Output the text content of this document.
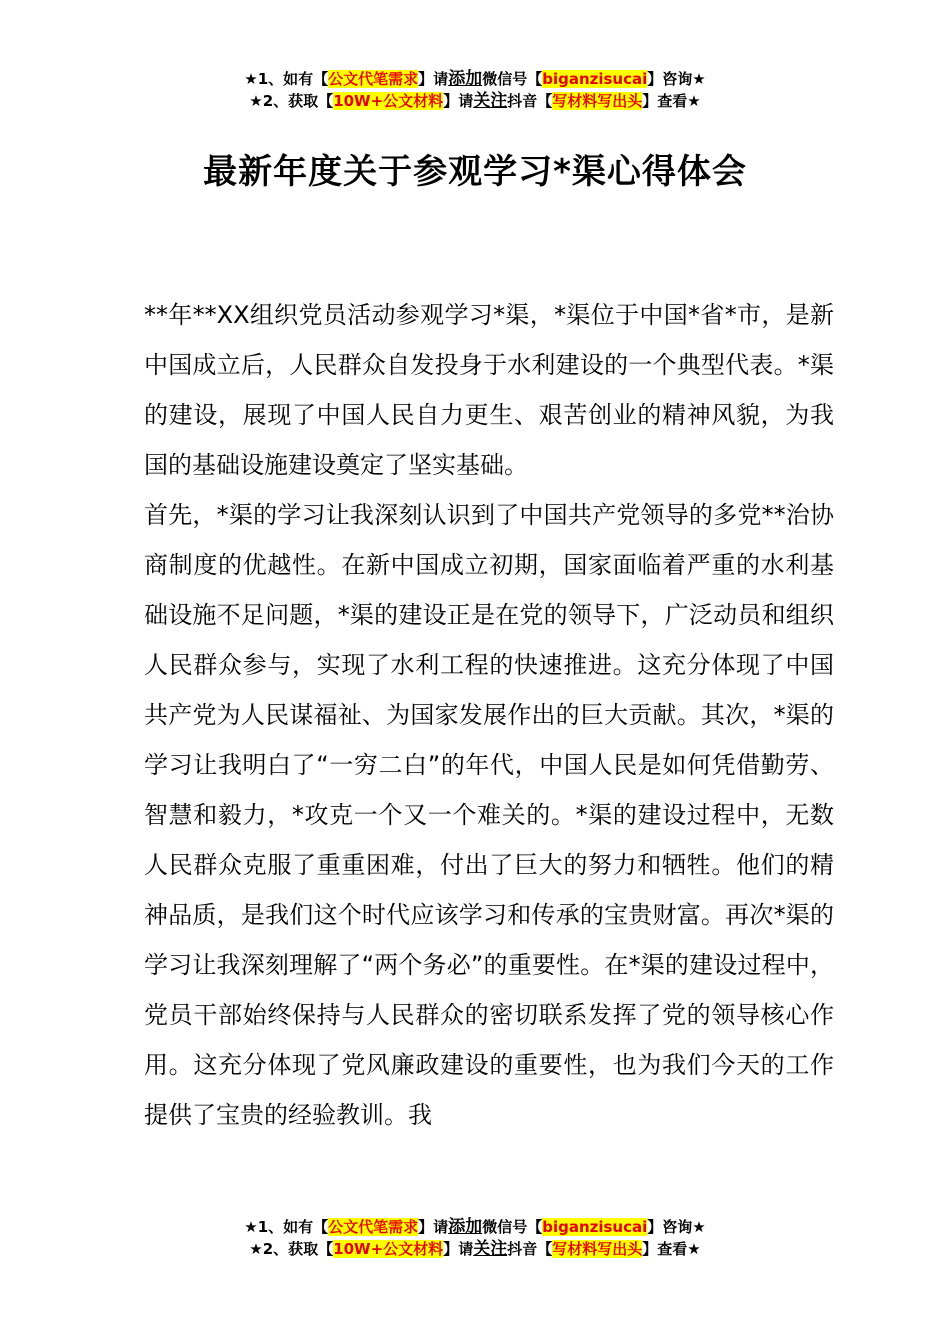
★1、如有【公文代笔需求】请添加微信号【biganzisucai】咨询★
★2、获取【10W+公文材料】请关注抖音【写材料写出头】查看★
最新年度关于参观学习*渠心得体会

**年**XX组织党员活动参观学习*渠，*渠位于中国*省*市，是新中国成立后，人民群众自发投身于水利建设的一个典型代表。*渠的建设，展现了中国人民自力更生、艰苦创业的精神风貌，为我国的基础设施建设奠定了坚实基础。

首先，*渠的学习让我深刻认识到了中国共产党领导的多党**治协商制度的优越性。在新中国成立初期，国家面临着严重的水利基础设施不足问题，*渠的建设正是在党的领导下，广泛动员和组织人民群众参与，实现了水利工程的快速推进。这充分体现了中国共产党为人民谋福祉、为国家发展作出的巨大贡献。其次，*渠的学习让我明白了“一穷二白”的年代，中国人民是如何凭借勤劳、智慧和毅力，*攻克一个又一个难关的。*渠的建设过程中，无数人民群众克服了重重困难，付出了巨大的努力和牺牲。他们的精神品质，是我们这个时代应该学习和传承的宝贵财富。再次*渠的学习让我深刻理解了“两个务必”的重要性。在*渠的建设过程中，党员干部始终保持与人民群众的密切联系发挥了党的领导核心作用。这充分体现了党风廉政建设的重要性，也为我们今天的工作提供了宝贵的经验教训。我

★1、如有【公文代笔需求】请添加微信号【biganzisucai】咨询★
★2、获取【10W+公文材料】请关注抖音【写材料写出头】查看★
